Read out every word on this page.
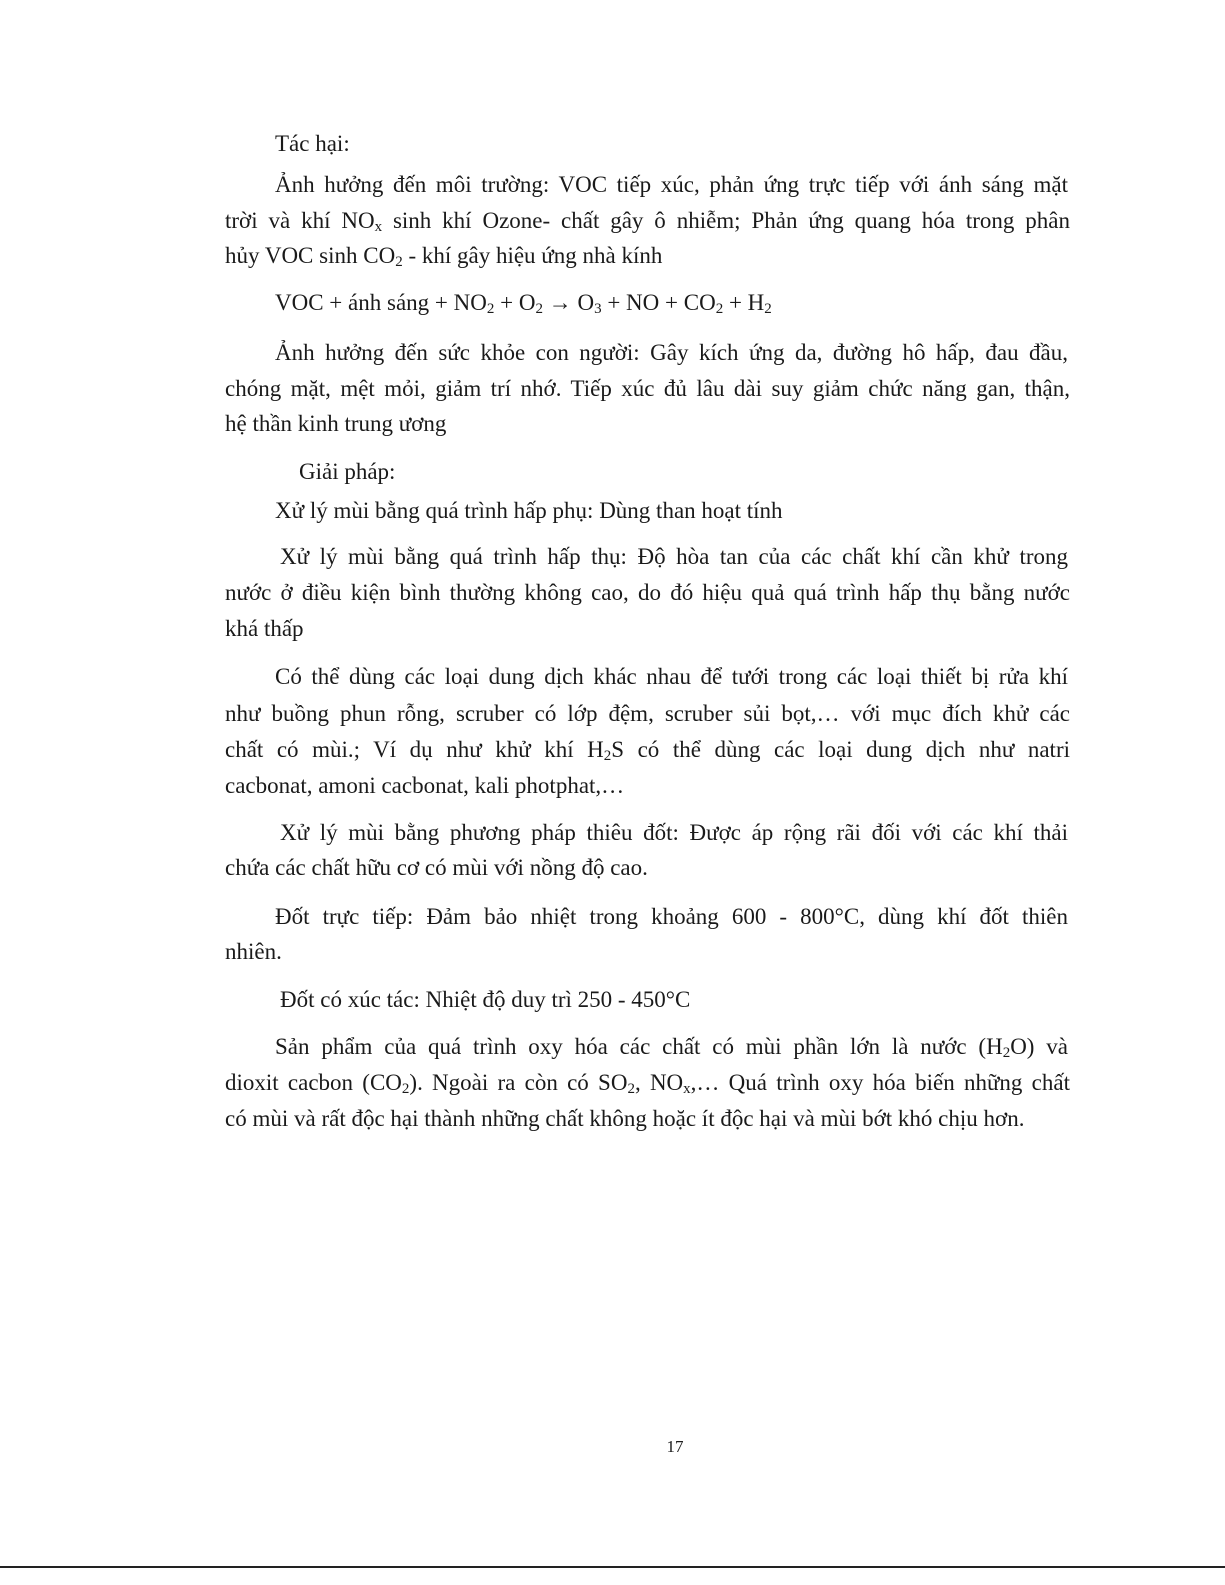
Tác hại:
Ảnh hưởng đến môi trường: VOC tiếp xúc, phản ứng trực tiếp với ánh sáng mặt
trời và khí $NO_x$ sinh khí Ozone- chất gây ô nhiễm; Phản ứng quang hóa trong phân
hủy VOC $\sinh CO_2$ - khí gây hiệu ứng nhà kính
VOC + ánh sáng + $NO_2 + O_2 \to O_3$ + NO + $CO_2 + H_2$
Ảnh hưởng đến sức khỏe con người: Gây kích ứng da, đường hô hấp, đau đầu,
chóng mặt, mệt mỏi, giảm trí nhớ. Tiếp xúc đủ lâu dài suy giảm chức năng gan, thận,
hệ thần kinh trung ương
Giải pháp:
Xử lý mùi bằng quá trình hấp phụ: Dùng than hoạt tính
Xử lý mùi bằng quá trình hấp thụ: Độ hòa tan của các chất khí cần khử trong
nước ở điều kiện bình thường không cao, do đó hiệu quả quá trình hấp thụ bằng nước
khá thấp
Có thể dùng các loại dung dịch khác nhau để tưới trong các loại thiết bị rửa khí
như buồng phun rỗng, scruber có lớp đệm, scruber sủi bọt,… với mục đích khử các
chất có mùi.; Ví dụ như khử khí $H_2S$ có thể dùng các loại dung dịch như natri
cacbonat, amoni cacbonat, kali photphat,…
Xử lý mùi bằng phương pháp thiêu đốt: Được áp rộng rãi đối với các khí thải
chứa các chất hữu cơ có mùi với nồng độ cao.
Đốt trực tiếp: Đảm bảo nhiệt trong khoảng 600 - 800°C, dùng khí đốt thiên
nhiên.
Đốt có xúc tác: Nhiệt độ duy trì 250 - 450°C
Sản phẩm của quá trình oxy hóa các chất có mùi phần lớn là nước $(H_2O)$ và
dioxit cacbon $(CO_2)$. Ngoài ra còn có $SO_2$, $NO_x,\dots$ Quá trình oxy hóa biến những chất
có mùi và rất độc hại thành những chất không hoặc ít độc hại và mùi bớt khó chịu hơn.
17
